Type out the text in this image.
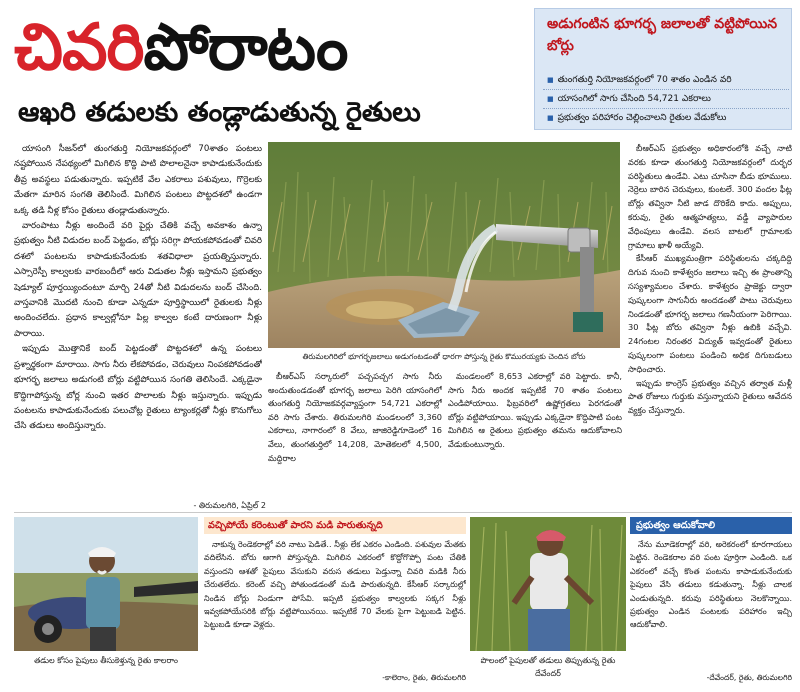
చివరిపోరాటం
ఆఖరి తడులకు తండ్లాడుతున్న రైతులు
అడుగంటిన భూగర్భ జలాలతో వట్టిపోయిన బోర్లు
■ తుంగతుర్తి నియోజకవర్గంలో 70 శాతం ఎండిన వరి
■ యాసంగిలో సాగు చేసింది 54,721 ఎకరాలు
■ ప్రభుత్వం పరిహారం చెల్లించాలని రైతుల వేడుకోలు

యాసంగి సీజన్‌లో తుంగతుర్తి నియోజకవర్గంలో 70శాతం పంటలు నష్టపోయిన నేపథ్యంలో మిగిలిన కొద్ది పాటి పొలాలనైనా కాపాడుకునేందుకు తీవ్ర అవస్థలు పడుతున్నారు. ఇప్పటికే వేల ఎకరాలు పశువులు, గొర్రెలకు మేతగా మారిన సంగతి తెలిసిందే. మిగిలిన పంటలు పొట్టదశలో ఉండగా ఒక్క తడి నీళ్ల కోసం రైతులు తండ్లాడుతున్నారు.

వారంపాటు నీళ్లు అందిందే వరి పైర్లు చేతికి వచ్చే అవకాశం ఉన్నా ప్రభుత్వం నీటి విడుదల బంద్ పెట్టడం, బోర్లు సరిగ్గా పోయకపోవడంతో చివరి దశలో పంటలను కాపాడుకునేందుకు శతవిధాలా ప్రయత్నిస్తున్నారు. ఎస్సారెస్పీ కాల్వలకు వారబందీలో ఆరు విడుతల నీళ్లు ఇస్తామని ప్రభుత్వం షెడ్యూల్ పూర్తయ్యిందంటూ మార్చి 24తో నీటి విడుదలను బంద్ చేసింది. వాస్తవానికి మొదటి నుంచి కూడా ఎన్నడూ పూర్తిస్థాయిలో రైతులకు నీళ్లు అందించలేదు. ప్రధాన కాల్వల్లోనూ పిల్ల కాల్వల కంటే దారుణంగా నీళ్లు పారాయి.

ఇప్పుడు మొత్తానికే బంద్ పెట్టడంతో పొట్టదశలో ఉన్న పంటలు ప్రశ్నార్థకంగా మారాయి. సాగు నీరు లేకపోవడం, చెరువులు నింపకపోవడంతో భూగర్భ జలాలు అడుగంటి బోర్లు వట్టిపోయిన సంగతి తెలిసిందే. ఎక్కడైనా కొద్దిగాపోస్తున్న బోర్ల నుంచి ఇతర పొలాలకు నీళ్లు ఇస్తున్నారు. ఇప్పుడు పంటలను కాపాడుకునేందుకు పలుచోట్ల రైతులు ట్యాంకర్లతో నీళ్లు కొనుగోలు చేసి తడులు అందిస్తున్నారు.

- తిరుమలగిరి, ఏప్రిల్ 2
తిరుమలగిరిలో భూగర్భజలాలు అడుగంటడంతో ధారగా పోస్తున్న రైతు కొమురయ్యకు చెందిన బోరు

బీఆర్ఎస్ సర్కారులో పచ్చపచ్చగ సాగు నీరు అందుతుండడంతో భూగర్భ జలాలు పెరిగి యాసంగిలో తుంగతుర్తి నియోజకవర్గవ్యాప్తంగా 54,721 ఎకరాల్లో వరి సాగు చేశారు. తిరుమలగిరి మండలంలో 3,360 ఎకరాలు, నాగారంలో 8 వేలు, జాజిరెడ్డిగూడెంలో 16 వేలు, తుంగతుర్తిలో 14,208, మోతెకలలో 4,500, మద్దిరాల

మండలంలో 8,653 ఎకరాల్లో వరి పెట్టారు. కానీ, సాగు నీరు అందక ఇప్పటికే 70 శాతం పంటలు ఎండిపోయాయి. ఫిబ్రవరిలో ఉష్ణోగ్రతలు పెరగడంతో బోర్లు వట్టిపోయాయి. ఇప్పుడు ఎక్కడైనా కొద్దిపాటి పంట మిగిలిన ఆ రైతులు ప్రభుత్వం తమను ఆదుకోవాలని వేడుకుంటున్నారు.

బీఆర్ఎస్ ప్రభుత్వం అధికారంలోకి వచ్చే నాటి వరకు కూడా తుంగతుర్తి నియోజకవర్గంలో దుర్భర పరిస్థితులు ఉండేవి. ఎటు చూసినా బీడు భూములు. నెర్రెలు బారిన చెరువులు, కుంటలే. 300 వందల ఫీట్ల బోర్లు తవ్వినా నీటి జాడ దొరికేది కాదు. అప్పులు, కరువు, రైతు ఆత్మహత్యలు, వడ్డీ వ్యాపారుల వేధింపులు ఉండేవి. వలస బాటలో గ్రామాలకు గ్రామాలు ఖాళీ అయ్యేవి.

కేసీఆర్ ముఖ్యమంత్రిగా పరిస్థితులను చక్కదిద్ది దిగువ నుంచి కాళేశ్వరం జలాలు ఇచ్చి ఈ ప్రాంతాన్ని సస్యశ్యామలం చేశారు. కాళేశ్వరం ప్రాజెక్టు ద్వారా పుష్కలంగా సాగునీరు అందడంతో పాటు చెరువులు నిండడంతో భూగర్భ జలాలు గణనీయంగా పెరిగాయి. 30 ఫీట్ల బోరు తవ్వినా నీళ్లు ఉబికి వచ్చేవి. 24గంటల నిరంతర విద్యుత్ ఇవ్వడంతో రైతులు పుష్కలంగా పంటలు పండించి అధిక దిగుబడులు సాధించారు.

ఇప్పుడు కాంగ్రెస్ ప్రభుత్వం వచ్చిన తర్వాత మళ్లీ పాత రోజులు గుర్తుకు వస్తున్నాయని రైతులు ఆవేదన వ్యక్తం చేస్తున్నారు.

తడుల కోసం పైపులు తీసుకెళ్తున్న రైతు కాలరాం
వచ్చిపోయే కరెంటుతో పారని మడి పారుతున్నది

నాకున్న రెండెకరాల్లో వరి నాటు పెడితే.. నీళ్లు లేక ఎకరం ఎండింది. పశువుల మేతకు వదిలేసిన. బోరు ఆగాగి పోస్తున్నది. మిగిలిన ఎకరంలో కొద్దోగొప్పో పంట చేతికి వస్తుందని ఆశతో పైపులు వేసుకుని వరుస తడులు పెడ్తున్నా చివరి మడికి నీరు చేరుతలేదు. కరెంట్ వచ్చి పోతుండడంతో మడి పారుతున్నది. కేసీఆర్ సర్కారుల్లో నిండిన బోర్లు నిండుగా పోసేవి. ఇప్పటి ప్రభుత్వం కాల్వలకు సక్కగ నీళ్లు ఇవ్వకపోయేసరికి బోర్లు వట్టిపోయినయి. ఇప్పటికే 70 వేలకు పైగా పెట్టుబడి పెట్టిన. పెట్టుబడి కూడా వెళ్లదు.

-కాలెరాం, రైతు, తిరుమలగిరి
పొలంలో పైపులతో తడులు తిప్పుతున్న రైతు దేవేందర్
ప్రభుత్వం ఆదుకోవాలి

నేను మూడెకరాల్లో వరి, అరెకరంలో కూరగాయలు పెట్టిన. రెండెకరాల వరి పంట పూర్తిగా ఎండింది. ఒక ఎకరంలో వచ్చే కొంత పంటను కాపాడుకునేందుకు పైపులు వేసి తడులు కడుతున్నా. నీళ్లు చాలక ఎండుతున్నది. కరువు పరిస్థితులు నెలకొన్నాయి. ప్రభుత్వం ఎండిన పంటలకు పరిహారం ఇచ్చి ఆదుకోవాలి.

-దేవేందర్, రైతు, తిరుమలగిరి
